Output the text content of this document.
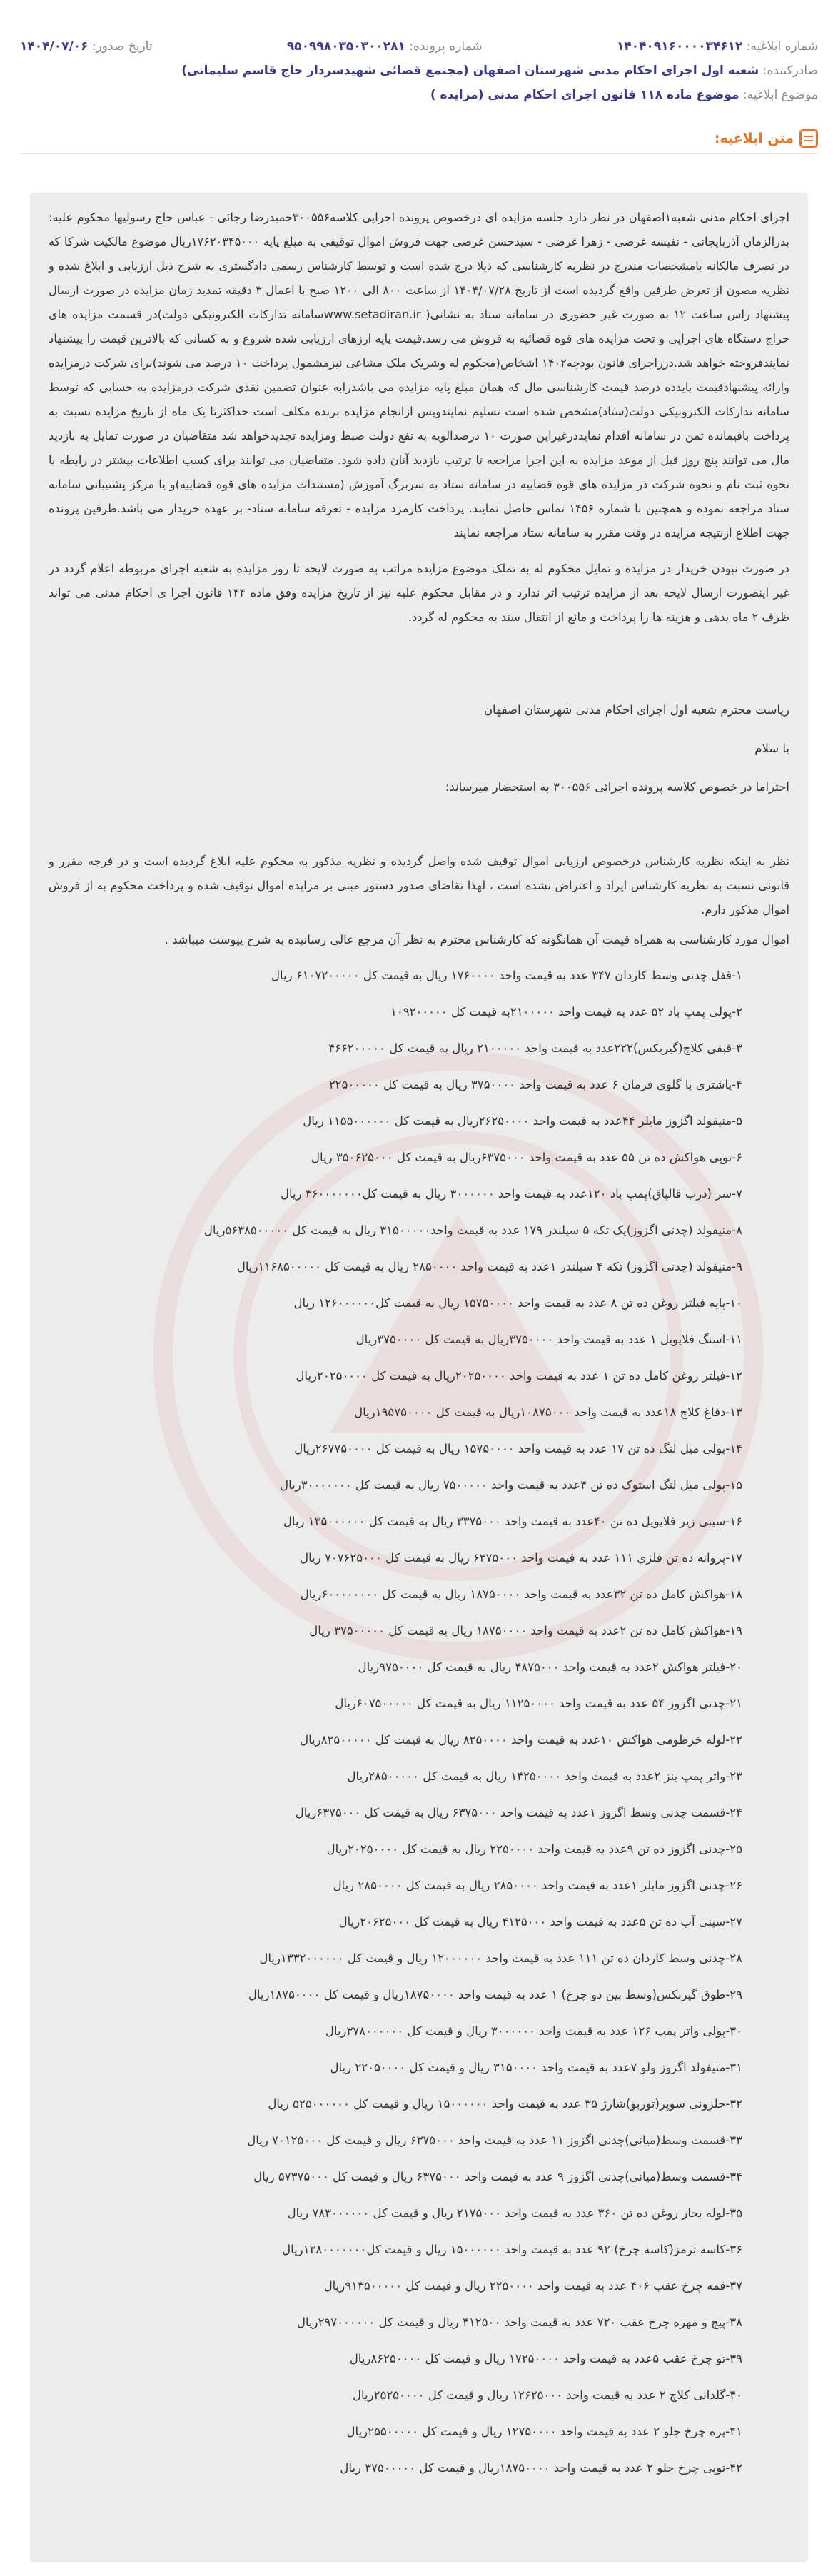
شماره ابلاغیه: ۱۴۰۴۰۹۱۶۰۰۰۰۳۴۶۱۲
شماره پرونده: ۹۵۰۹۹۸۰۳۵۰۳۰۰۲۸۱
تاریخ صدور: ۱۴۰۴/۰۷/۰۶
صادرکننده: شعبه اول اجرای احکام مدنی شهرستان اصفهان (مجتمع قضائی شهیدسردار حاج قاسم سلیمانی)
موضوع ابلاغیه: موضوع ماده ۱۱۸ قانون اجرای احکام مدنی (مزایده )
متن ابلاغیه:

اجرای احکام مدنی شعبه۱اصفهان در نظر دارد جلسه مزایده ای درخصوص پرونده اجرایی کلاسه۳۰۰۵۵۶حمیدرضا رجائی - عباس حاج رسولیها محکوم علیه: بدرالزمان آذربایجانی - نفیسه غرضی - زهرا غرضی - سیدحسن غرضی جهت فروش اموال توقیفی به مبلغ پایه ۱۷۶۲۰۳۴۵۰۰۰ریال موضوع مالکیت شرکا که در تصرف مالکانه بامشخصات مندرج در نظریه کارشناسی که ذیلا درج شده است و توسط کارشناس رسمی دادگستری به شرح ذیل ارزیابی و ابلاغ شده و نظریه مصون از تعرض طرفین واقع گردیده است از تاریخ ۱۴۰۴/۰۷/۲۸ از ساعت ۸۰۰ الی ۱۲۰۰ صبح با اعمال ۳ دقیقه تمدید زمان مزایده در صورت ارسال پیشنهاد راس ساعت ۱۲ به صورت غیر حضوری در سامانه ستاد به نشانی( www.setadiran.irسامانه تدارکات الکترونیکی دولت)در قسمت مزایده های حراج دستگاه های اجرایی و تحت مزایده های قوه قضائیه به فروش می رسد.قیمت پایه ارزهای ارزیابی شده شروع و به کسانی که بالاترین قیمت را پیشنهاد نمایندفروخته خواهد شد.درراجرای قانون بودجه۱۴۰۲ اشخاص(محکوم له وشریک ملک مشاعی نیزمشمول پرداخت ۱۰ درصد می شوند)برای شرکت درمزایده وارائه پیشنهادقیمت بایدده درصد قیمت کارشناسی مال که همان مبلغ پایه مزایده می باشدرابه عنوان تضمین نقدی شرکت درمزایده به حسابی که توسط سامانه تدارکات الکترونیکی دولت(ستاد)مشخص شده است تسلیم نمایندوپس ازانجام مزایده برنده مکلف است حداکثرتا یک ماه از تاریخ مزایده نسبت به پرداخت باقیمانده ثمن در سامانه اقدام نمایددرغیراین صورت ۱۰ درصدالویه به نفع دولت ضبط ومزایده تجدیدخواهد شد متقاضیان در صورت تمایل به بازدید مال می توانند پنج روز قبل از موعد مزایده به این اجرا مراجعه تا ترتیب بازدید آنان داده شود. متقاضیان می توانند برای کسب اطلاعات بیشتر در رابطه با نحوه ثبت نام و نحوه شرکت در مزایده های قوه قضاییه در سامانه ستاد به سربرگ آموزش (مستندات مزایده های قوه قضاییه)و یا مرکز پشتیبانی سامانه ستاد مراجعه نموده و همچنین با شماره ۱۴۵۶ تماس حاصل نمایند. پرداخت کارمزد مزایده - تعرفه سامانه ستاد- بر عهده خریدار می باشد.طرفین پرونده جهت اطلاع ازنتیجه مزایده در وقت مقرر به سامانه ستاد مراجعه نمایند

در صورت نبودن خریدار در مزایده و تمایل محکوم له به تملک موضوع مزایده مراتب به صورت لایحه تا روز مزایده به شعبه اجرای مربوطه اعلام گردد در غیر اینصورت ارسال لایحه بعد از مزایده ترتیب اثر ندارد و در مقابل محکوم علیه نیز از تاریخ مزایده وفق ماده ۱۴۴ قانون اجرا ی احکام مدنی می تواند ظرف ۲ ماه بدهی و هزینه ها را پرداخت و مانع از انتقال سند به محکوم له گردد.

ریاست محترم شعبه اول اجرای احکام مدنی شهرستان اصفهان
با سلام
احتراما در خصوص کلاسه پرونده اجرائی ۳۰۰۵۵۶ به استحضار میرساند:

نظر به اینکه نظریه کارشناس درخصوص ارزیابی اموال توقیف شده واصل گردیده و نظریه مذکور به محکوم علیه ابلاغ گردیده است و در فرجه مقرر و قانونی نسبت به نظریه کارشناس ایراد و اعتراض نشده است ، لهذا تقاضای صدور دستور مبنی بر مزایده اموال توقیف شده و پرداخت محکوم به از فروش اموال مذکور دارم.

اموال مورد کارشناسی به همراه قیمت آن همانگونه که کارشناس محترم به نظر آن مرجع عالی رسانیده به شرح پیوست میباشد .
۱-قفل چدنی وسط کاردان ۳۴۷ عدد به قیمت واحد ۱۷۶۰۰۰۰ ریال به قیمت کل ۶۱۰۷۲۰۰۰۰۰ ریال
۲-پولی پمپ باد ۵۲ عدد به قیمت واحد ۲۱۰۰۰۰۰به قیمت کل ۱۰۹۲۰۰۰۰۰
۳-قبقی کلاچ(گیربکس)۲۲۲عدد به قیمت واحد ۲۱۰۰۰۰۰ ریال به قیمت کل ۴۶۶۲۰۰۰۰۰
۴-پاشتری یا گلوی فرمان ۶ عدد به قیمت واحد ۳۷۵۰۰۰۰ ریال به قیمت کل ۲۲۵۰۰۰۰۰
۵-منیفولد اگزوز مایلر ۴۴عدد به قیمت واحد ۲۶۲۵۰۰۰۰ریال به قیمت کل ۱۱۵۵۰۰۰۰۰۰ ریال
۶-توپی هواکش ده تن ۵۵ عدد به قیمت واحد ۶۳۷۵۰۰۰ریال به قیمت کل ۳۵۰۶۲۵۰۰۰ ریال
۷-سر (درب قالپاق)پمپ باد ۱۲۰عدد به قیمت واحد ۳۰۰۰۰۰۰ ریال به قیمت کل۳۶۰۰۰۰۰۰۰ ریال
۸-منیفولد (چدنی اگزوز)یک تکه ۵ سیلندر ۱۷۹ عدد به قیمت واحد۳۱۵۰۰۰۰۰ ریال به قیمت کل ۵۶۳۸۵۰۰۰۰۰ریال
۹-منیفولد (چدنی اگزوز) تکه ۴ سیلندر ۱عدد به قیمت واحد ۲۸۵۰۰۰۰ ریال به قیمت کل ۱۱۶۸۵۰۰۰۰۰ریال
۱۰-پایه فیلتر روغن ده تن ۸ عدد به قیمت واحد ۱۵۷۵۰۰۰۰ ریال به قیمت کل۱۲۶۰۰۰۰۰۰ ریال
۱۱-اسنگ فلایویل ۱ عدد به قیمت واحد ۳۷۵۰۰۰۰ریال به قیمت کل ۳۷۵۰۰۰۰ریال
۱۲-فیلتر روغن کامل ده تن ۱ عدد به قیمت واحد ۲۰۲۵۰۰۰۰ریال به قیمت کل ۲۰۲۵۰۰۰۰ریال
۱۳-دفاغ کلاچ ۱۸عدد به قیمت واحد ۱۰۸۷۵۰۰۰ریال به قیمت کل ۱۹۵۷۵۰۰۰۰ریال
۱۴-پولی میل لنگ ده تن ۱۷ عدد به قیمت واحد ۱۵۷۵۰۰۰۰ ریال به قیمت کل ۲۶۷۷۵۰۰۰۰ریال
۱۵-پولی میل لنگ استوک ده تن ۴عدد به قیمت واحد ۷۵۰۰۰۰۰ ریال به قیمت کل ۳۰۰۰۰۰۰۰ریال
۱۶-سینی زیر فلایویل ده تن ۴۰عدد به قیمت واحد ۳۳۷۵۰۰۰ ریال به قیمت کل ۱۳۵۰۰۰۰۰۰ ریال
۱۷-پروانه ده تن فلزی ۱۱۱ عدد به قیمت واحد ۶۳۷۵۰۰۰ ریال به قیمت کل ۷۰۷۶۲۵۰۰۰ ریال
۱۸-هواکش کامل ده تن ۳۲عدد به قیمت واحد ۱۸۷۵۰۰۰۰ ریال به قیمت کل ۶۰۰۰۰۰۰۰۰ریال
۱۹-هواکش کامل ده تن ۲عدد به قیمت واحد ۱۸۷۵۰۰۰۰ ریال به قیمت کل ۳۷۵۰۰۰۰۰ ریال
۲۰-فیلتر هواکش ۲عدد به قیمت واحد ۴۸۷۵۰۰۰ ریال به قیمت کل ۹۷۵۰۰۰۰ریال
۲۱-چدنی اگزوز ۵۴ عدد به قیمت واحد ۱۱۲۵۰۰۰۰ ریال به قیمت کل ۶۰۷۵۰۰۰۰۰ریال
۲۲-لوله خرطومی هواکش ۱۰عدد به قیمت واحد ۸۲۵۰۰۰۰ ریال به قیمت کل ۸۲۵۰۰۰۰۰ریال
۲۳-واتر پمپ بنز ۲عدد به قیمت واحد ۱۴۲۵۰۰۰۰ ریال به قیمت کل ۲۸۵۰۰۰۰۰ریال
۲۴-قسمت چدنی وسط اگزوز ۱عدد به قیمت واحد ۶۳۷۵۰۰۰ ریال به قیمت کل ۶۳۷۵۰۰۰ریال
۲۵-چدنی اگزوز ده تن ۹عدد به قیمت واحد ۲۲۵۰۰۰۰ ریال به قیمت کل ۲۰۲۵۰۰۰۰ریال
۲۶-چدنی اگزوز مایلر ۱عدد به قیمت واحد ۲۸۵۰۰۰۰ ریال به قیمت کل ۲۸۵۰۰۰۰ ریال
۲۷-سینی آب ده تن ۵عدد به قیمت واحد ۴۱۲۵۰۰۰ ریال به قیمت کل ۲۰۶۲۵۰۰۰ریال
۲۸-چدنی وسط کاردان ده تن ۱۱۱ عدد به قیمت واحد ۱۲۰۰۰۰۰۰ ریال و قیمت کل ۱۳۳۲۰۰۰۰۰۰ریال
۲۹-طوق گیربکس(وسط بین دو چرخ) ۱ عدد به قیمت واحد ۱۸۷۵۰۰۰۰ریال و قیمت کل ۱۸۷۵۰۰۰۰ریال
۳۰-پولی واتر پمپ ۱۲۶ عدد به قیمت واحد ۳۰۰۰۰۰۰ ریال و قیمت کل ۳۷۸۰۰۰۰۰۰ریال
۳۱-منیفولد اگزوز ولو ۷عدد به قیمت واحد ۳۱۵۰۰۰۰ ریال و قیمت کل ۲۲۰۵۰۰۰۰ ریال
۳۲-حلزونی سوپر(توربو)شارژ ۳۵ عدد به قیمت واحد ۱۵۰۰۰۰۰۰ ریال و قیمت کل ۵۲۵۰۰۰۰۰۰ ریال
۳۳-قسمت وسط(میانی)چدنی اگزوز ۱۱ عدد به قیمت واحد ۶۳۷۵۰۰۰ ریال و قیمت کل ۷۰۱۲۵۰۰۰ ریال
۳۴-قسمت وسط(میانی)چدنی اگزوز ۹ عدد به قیمت واحد ۶۳۷۵۰۰۰ ریال و قیمت کل ۵۷۳۷۵۰۰۰ ریال
۳۵-لوله بخار روغن ده تن ۳۶۰ عدد به قیمت واحد ۲۱۷۵۰۰۰ ریال و قیمت کل ۷۸۳۰۰۰۰۰۰ ریال
۳۶-کاسه ترمز(کاسه چرخ) ۹۲ عدد به قیمت واحد ۱۵۰۰۰۰۰۰ ریال و قیمت کل۱۳۸۰۰۰۰۰۰۰ریال
۳۷-قمه چرخ عقب ۴۰۶ عدد به قیمت واحد ۲۲۵۰۰۰۰ ریال و قیمت کل ۹۱۳۵۰۰۰۰۰ریال
۳۸-پیچ و مهره چرخ عقب ۷۲۰ عدد به قیمت واحد ۴۱۲۵۰۰ ریال و قیمت کل ۲۹۷۰۰۰۰۰۰ریال
۳۹-تو چرخ عقب ۵عدد به قیمت واحد ۱۷۲۵۰۰۰۰ ریال و قیمت کل ۸۶۲۵۰۰۰۰ریال
۴۰-گلدانی کلاچ ۲ عدد به قیمت واحد ۱۲۶۲۵۰۰۰ ریال و قیمت کل ۲۵۲۵۰۰۰۰ریال
۴۱-پره چرخ جلو ۲ عدد به قیمت واحد ۱۲۷۵۰۰۰۰ ریال و قیمت کل ۲۵۵۰۰۰۰۰ریال
۴۲-توپی چرخ جلو ۲ عدد به قیمت واحد ۱۸۷۵۰۰۰۰ریال و قیمت کل ۳۷۵۰۰۰۰۰ ریال
